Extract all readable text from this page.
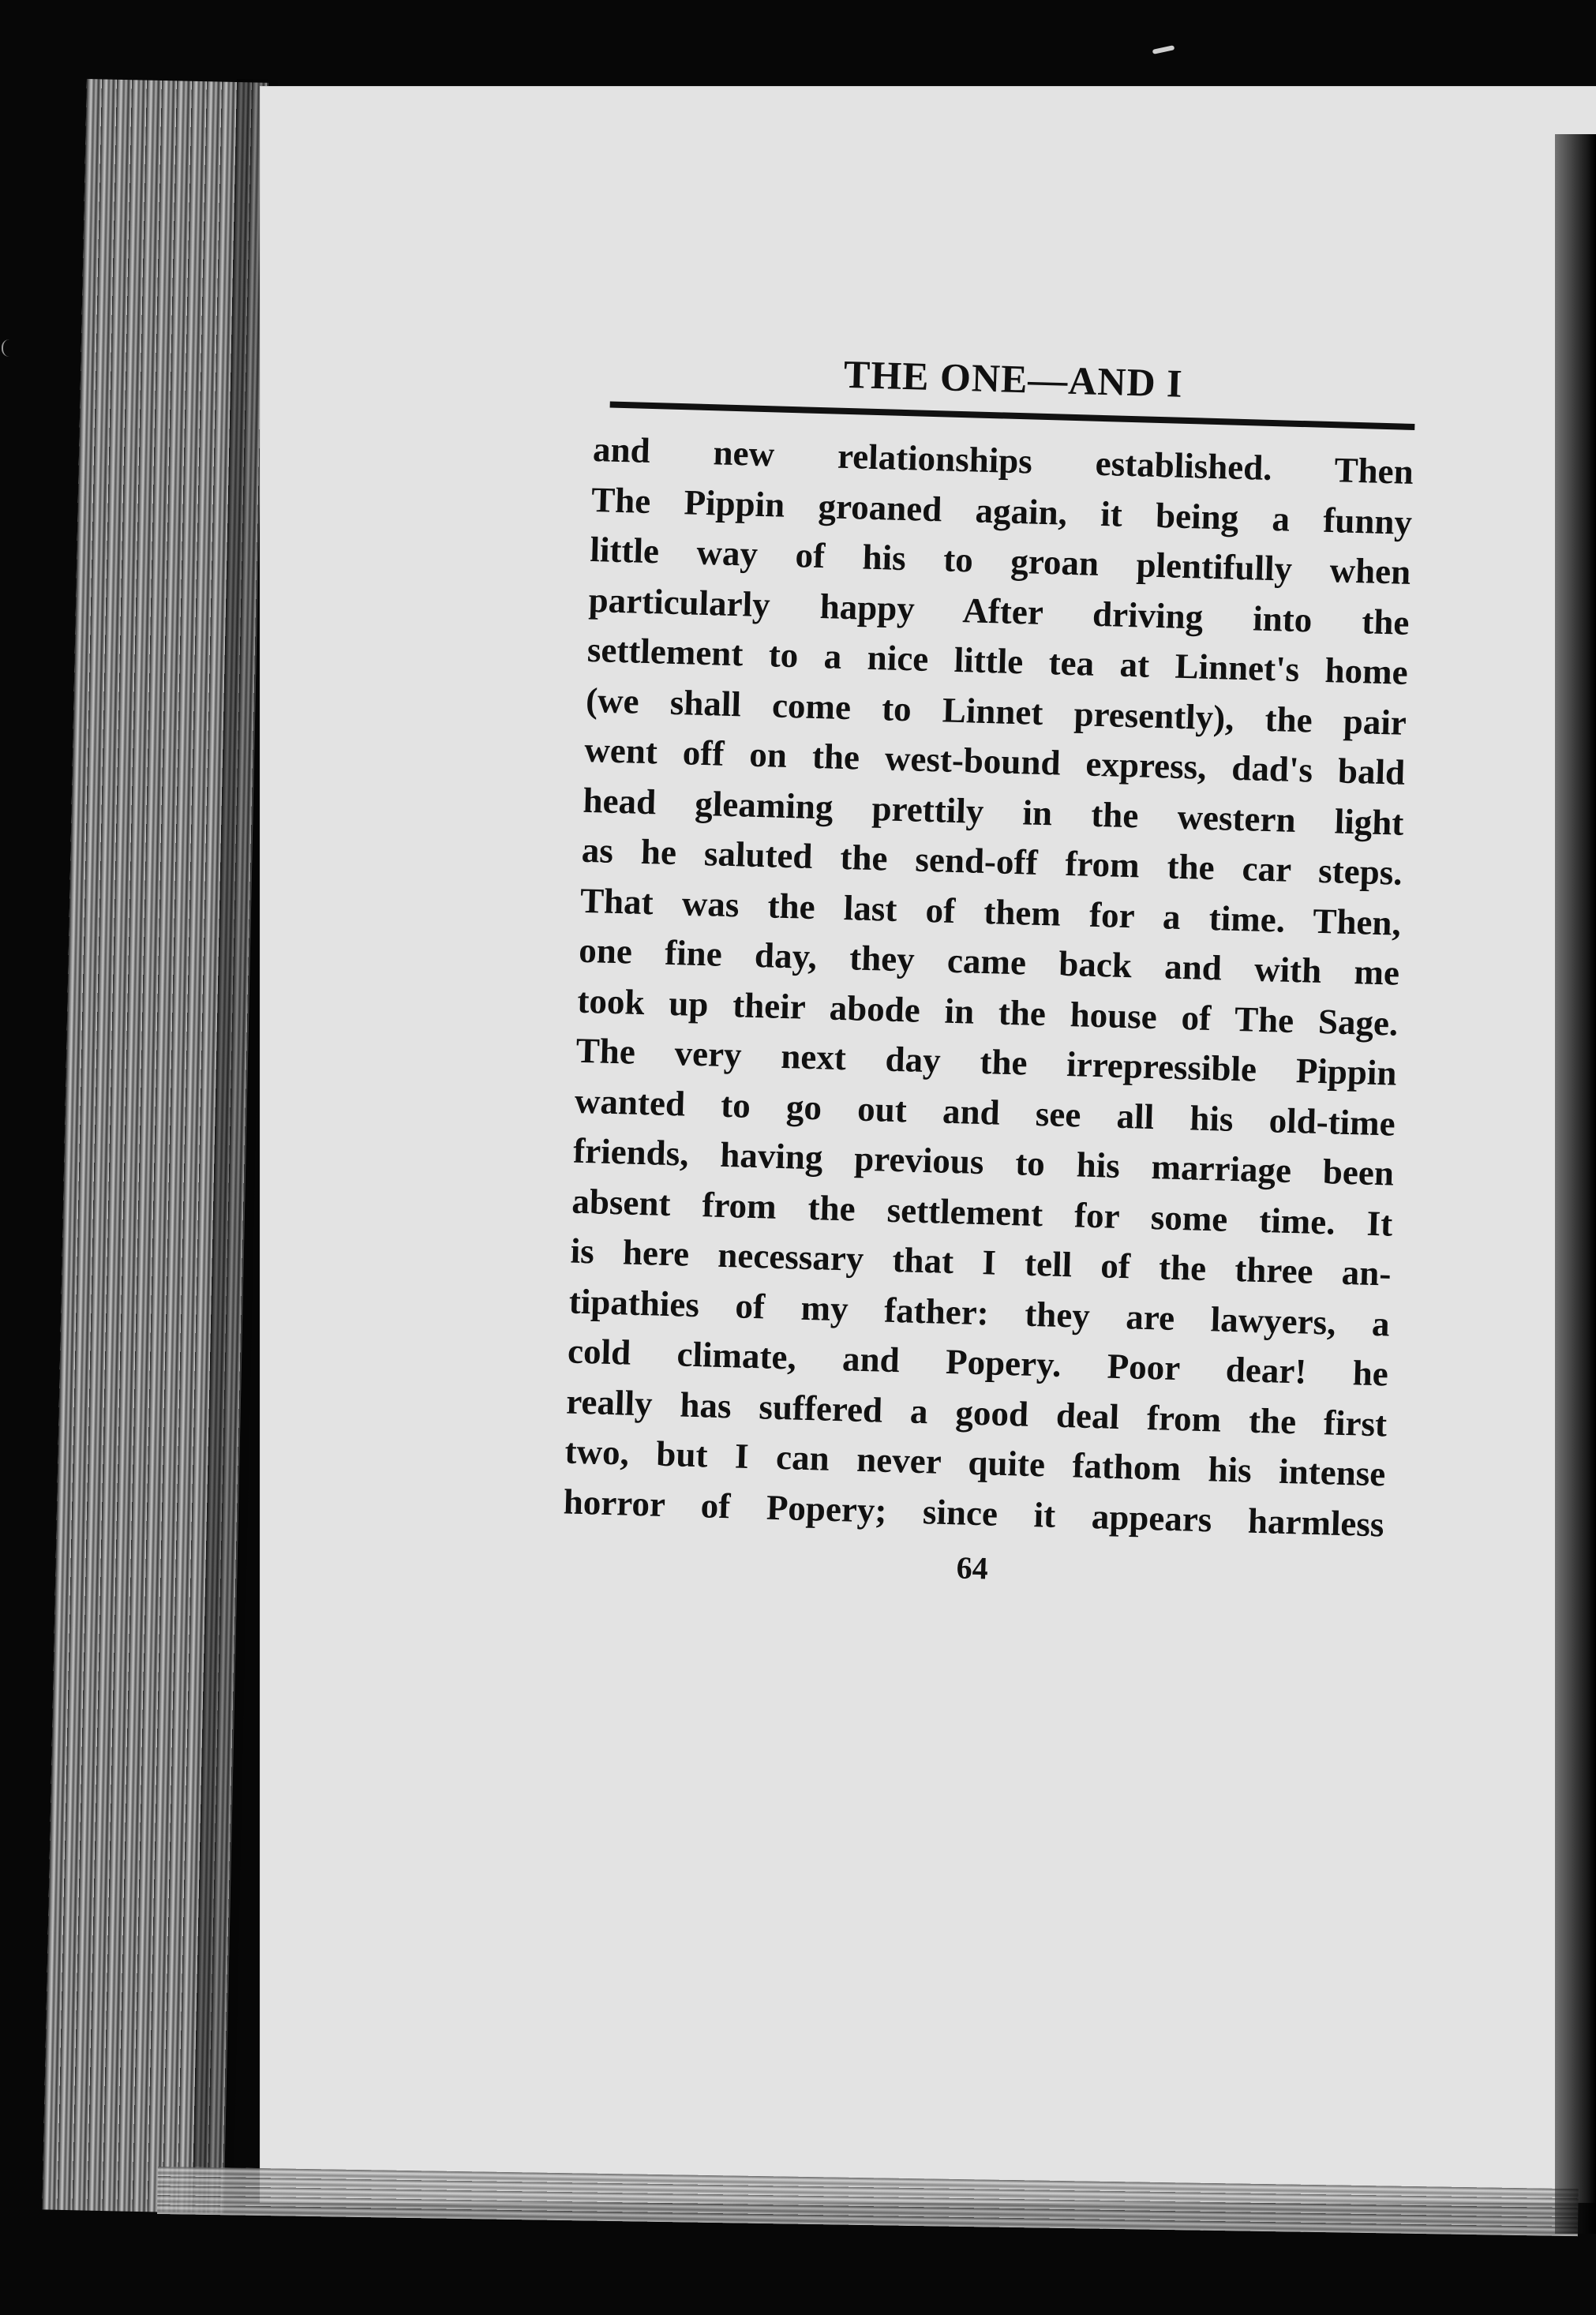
THE ONE—AND I
and new relationships established. Then
The Pippin groaned again, it being a funny
little way of his to groan plentifully when
particularly happy After driving into the
settlement to a nice little tea at Linnet's home
(we shall come to Linnet presently), the pair
went off on the west-bound express, dad's bald
head gleaming prettily in the western light
as he saluted the send-off from the car steps.
That was the last of them for a time. Then,
one fine day, they came back and with me
took up their abode in the house of The Sage.
The very next day the irrepressible Pippin
wanted to go out and see all his old-time
friends, having previous to his marriage been
absent from the settlement for some time. It
is here necessary that I tell of the three an-
tipathies of my father: they are lawyers, a
cold climate, and Popery. Poor dear! he
really has suffered a good deal from the first
two, but I can never quite fathom his intense
horror of Popery; since it appears harmless
64
